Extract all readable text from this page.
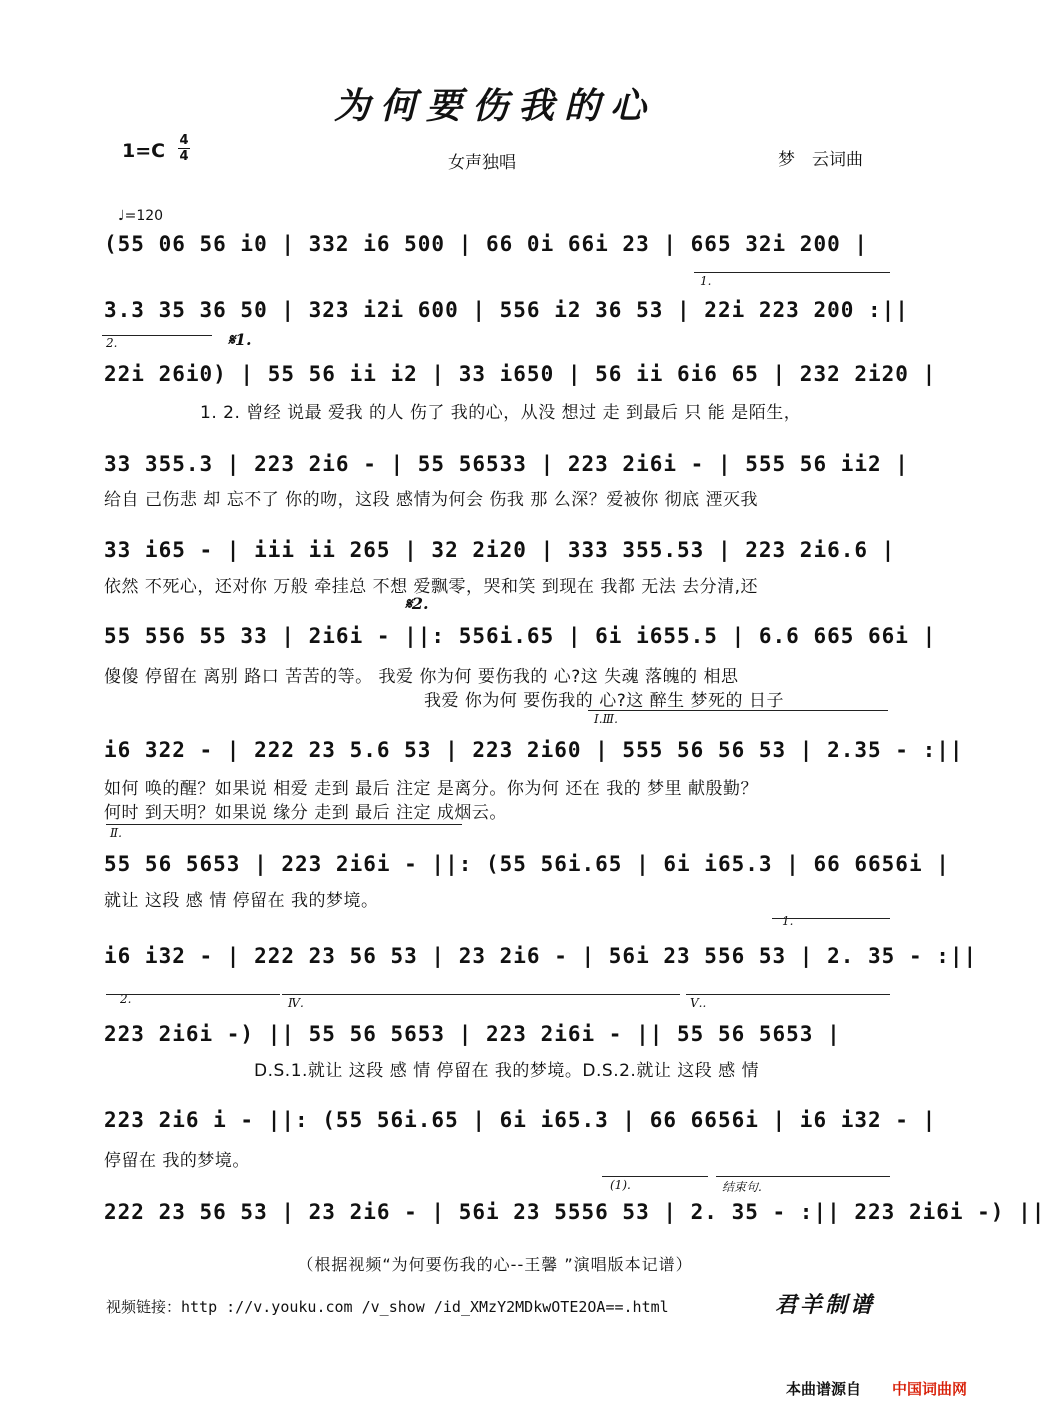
为何要伤我的心
1=C 4
4	女声独唱	梦　云词曲
♩=120
(55 06 56 i0 | 332 i6 500 | 66 0i 66i 23 | 665 32i 200 |
1.
3.3 35 36 50 | 323 i2i 600 | 556 i2 36 53 | 22i 223 200 :||
2.	𝄋1.
22i 26i0) | 55 56 ii i2 | 33 i650 | 56 ii 6i6 65 | 232 2i20 |
1. 2. 曾经 说最 爱我 的人 伤了 我的心，从没 想过 走 到最后 只 能 是陌生，
33 355.3 | 223 2i6 - | 55 56533 | 223 2i6i - | 555 56 ii2 |
给自 己伤悲 却 忘不了 你的吻，这段 感情为何会 伤我 那 么深？爱被你 彻底 湮灭我
33 i65 - | iii ii 265 | 32 2i20 | 333 355.53 | 223 2i6.6 |
依然 不死心，还对你 万般 牵挂总 不想 爱飘零，哭和笑 到现在 我都 无法 去分清,还
𝄋2.
55 556 55 33 | 2i6i - ||: 556i.65 | 6i i655.5 | 6.6 665 66i |
傻傻 停留在 离别 路口 苦苦的等。 我爱 你为何 要伤我的 心?这 失魂 落魄的 相思
我爱 你为何 要伤我的 心?这 醉生 梦死的 日子
Ⅰ.Ⅲ.
i6 322 - | 222 23 5.6 53 | 223 2i60 | 555 56 56 53 | 2.35 - :||
如何 唤的醒？如果说 相爱 走到 最后 注定 是离分。你为何 还在 我的 梦里 献殷勤？
何时 到天明？如果说 缘分 走到 最后 注定 成烟云。
Ⅱ.
55 56 5653 | 223 2i6i - ||: (55 56i.65 | 6i i65.3 | 66 6656i |
就让 这段 感 情 停留在 我的梦境。
1.
i6 i32 - | 222 23 56 53 | 23 2i6 - | 56i 23 556 53 | 2. 35 - :||
2.	Ⅳ.	Ⅴ..
223 2i6i -) || 55 56 5653 | 223 2i6i - || 55 56 5653 |
D.S.1.就让 这段 感 情 停留在 我的梦境。D.S.2.就让 这段 感 情
223 2i6 i - ||: (55 56i.65 | 6i i65.3 | 66 6656i | i6 i32 - |
停留在 我的梦境。
(1).	结束句.
222 23 56 53 | 23 2i6 - | 56i 23 5556 53 | 2. 35 - :|| 223 2i6i -) ||
（根据视频“为何要伤我的心--王馨 ”演唱版本记谱）
视频链接：http ://v.youku.com /v_show /id_XMzY2MDkwOTE2OA==.html	君羊制谱
本曲谱源自 中国词曲网
